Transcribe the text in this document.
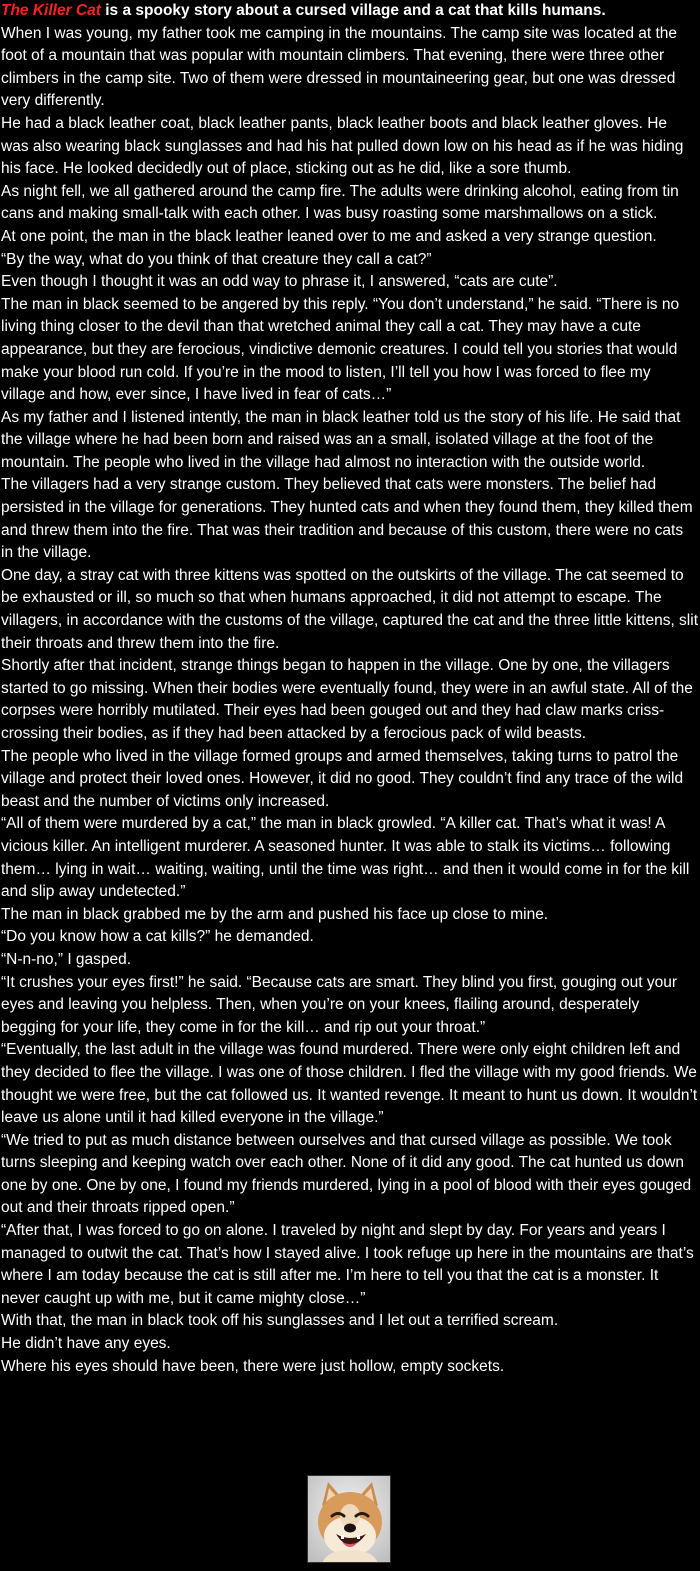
The Killer Cat is a spooky story about a cursed village and a cat that kills humans.

When I was young, my father took me camping in the mountains. The camp site was located at the foot of a mountain that was popular with mountain climbers. That evening, there were three other climbers in the camp site. Two of them were dressed in mountaineering gear, but one was dressed very differently.

He had a black leather coat, black leather pants, black leather boots and black leather gloves. He was also wearing black sunglasses and had his hat pulled down low on his head as if he was hiding his face. He looked decidedly out of place, sticking out as he did, like a sore thumb.

As night fell, we all gathered around the camp fire. The adults were drinking alcohol, eating from tin cans and making small-talk with each other. I was busy roasting some marshmallows on a stick.

At one point, the man in the black leather leaned over to me and asked a very strange question.

“By the way, what do you think of that creature they call a cat?”

Even though I thought it was an odd way to phrase it, I answered, “cats are cute”.

The man in black seemed to be angered by this reply. “You don’t understand,” he said. “There is no living thing closer to the devil than that wretched animal they call a cat. They may have a cute appearance, but they are ferocious, vindictive demonic creatures. I could tell you stories that would make your blood run cold. If you’re in the mood to listen, I’ll tell you how I was forced to flee my village and how, ever since, I have lived in fear of cats…”

As my father and I listened intently, the man in black leather told us the story of his life. He said that the village where he had been born and raised was an a small, isolated village at the foot of the mountain. The people who lived in the village had almost no interaction with the outside world.

The villagers had a very strange custom. They believed that cats were monsters. The belief had persisted in the village for generations. They hunted cats and when they found them, they killed them and threw them into the fire. That was their tradition and because of this custom, there were no cats in the village.

One day, a stray cat with three kittens was spotted on the outskirts of the village. The cat seemed to be exhausted or ill, so much so that when humans approached, it did not attempt to escape. The villagers, in accordance with the customs of the village, captured the cat and the three little kittens, slit their throats and threw them into the fire.

Shortly after that incident, strange things began to happen in the village. One by one, the villagers started to go missing. When their bodies were eventually found, they were in an awful state. All of the corpses were horribly mutilated. Their eyes had been gouged out and they had claw marks criss-crossing their bodies, as if they had been attacked by a ferocious pack of wild beasts.

The people who lived in the village formed groups and armed themselves, taking turns to patrol the village and protect their loved ones. However, it did no good. They couldn’t find any trace of the wild beast and the number of victims only increased.

“All of them were murdered by a cat,” the man in black growled. “A killer cat. That’s what it was! A vicious killer. An intelligent murderer. A seasoned hunter. It was able to stalk its victims… following them… lying in wait… waiting, waiting, until the time was right… and then it would come in for the kill and slip away undetected.”

The man in black grabbed me by the arm and pushed his face up close to mine.

“Do you know how a cat kills?” he demanded.

“N-n-no,” I gasped.

“It crushes your eyes first!” he said. “Because cats are smart. They blind you first, gouging out your eyes and leaving you helpless. Then, when you’re on your knees, flailing around, desperately begging for your life, they come in for the kill… and rip out your throat.”

“Eventually, the last adult in the village was found murdered. There were only eight children left and they decided to flee the village. I was one of those children. I fled the village with my good friends. We thought we were free, but the cat followed us. It wanted revenge. It meant to hunt us down. It wouldn’t leave us alone until it had killed everyone in the village.”

“We tried to put as much distance between ourselves and that cursed village as possible. We took turns sleeping and keeping watch over each other. None of it did any good. The cat hunted us down one by one. One by one, I found my friends murdered, lying in a pool of blood with their eyes gouged out and their throats ripped open.”

“After that, I was forced to go on alone. I traveled by night and slept by day. For years and years I managed to outwit the cat. That’s how I stayed alive. I took refuge up here in the mountains are that’s where I am today because the cat is still after me. I’m here to tell you that the cat is a monster. It never caught up with me, but it came mighty close…”

With that, the man in black took off his sunglasses and I let out a terrified scream.

He didn’t have any eyes.

Where his eyes should have been, there were just hollow, empty sockets.
